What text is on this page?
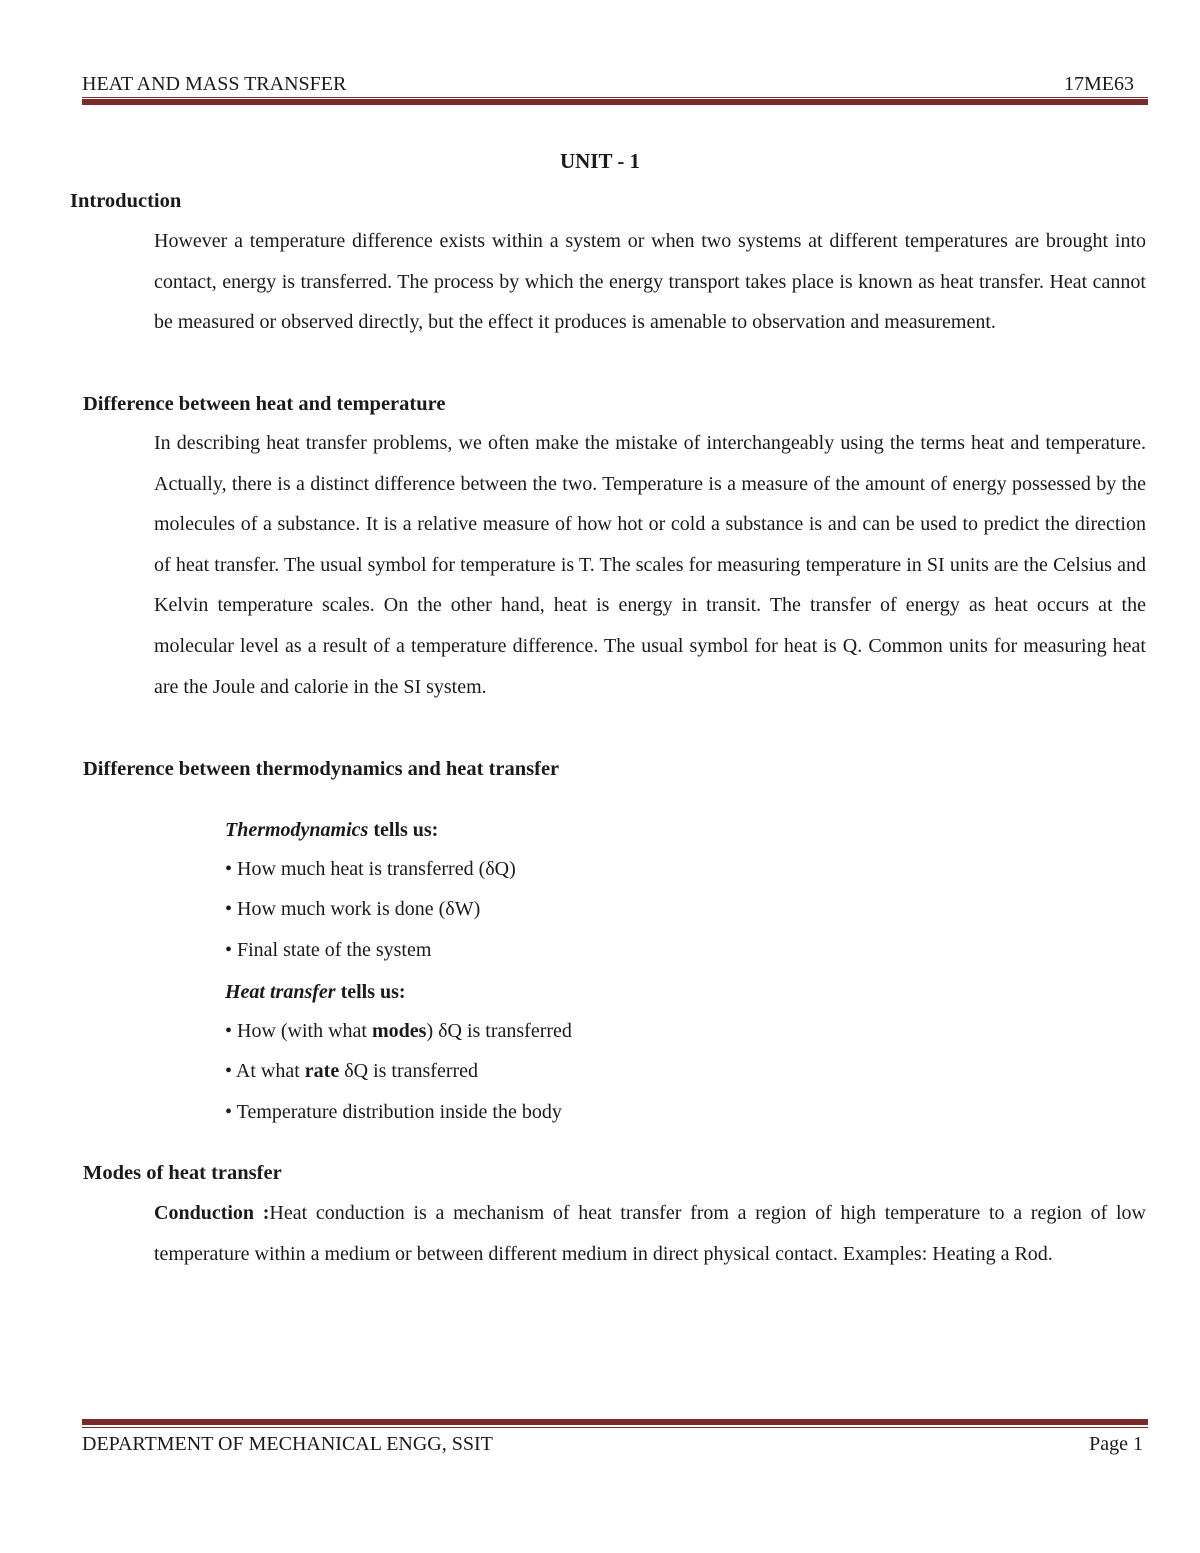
HEAT AND MASS TRANSFER	17ME63
UNIT - 1
Introduction
However a temperature difference exists within a system or when two systems at different temperatures are brought into contact, energy is transferred. The process by which the energy transport takes place is known as heat transfer. Heat cannot be measured or observed directly, but the effect it produces is amenable to observation and measurement.
Difference between heat and temperature
In describing heat transfer problems, we often make the mistake of interchangeably using the terms heat and temperature. Actually, there is a distinct difference between the two. Temperature is a measure of the amount of energy possessed by the molecules of a substance. It is a relative measure of how hot or cold a substance is and can be used to predict the direction of heat transfer. The usual symbol for temperature is T. The scales for measuring temperature in SI units are the Celsius and Kelvin temperature scales. On the other hand, heat is energy in transit. The transfer of energy as heat occurs at the molecular level as a result of a temperature difference. The usual symbol for heat is Q. Common units for measuring heat are the Joule and calorie in the SI system.
Difference between thermodynamics and heat transfer
Thermodynamics tells us:
• How much heat is transferred (δQ)
• How much work is done (δW)
• Final state of the system
Heat transfer tells us:
• How (with what modes) δQ is transferred
• At what rate δQ is transferred
• Temperature distribution inside the body
Modes of heat transfer
Conduction :Heat conduction is a mechanism of heat transfer from a region of high temperature to a region of low temperature within a medium or between different medium in direct physical contact. Examples: Heating a Rod.
DEPARTMENT OF MECHANICAL ENGG, SSIT	Page 1
